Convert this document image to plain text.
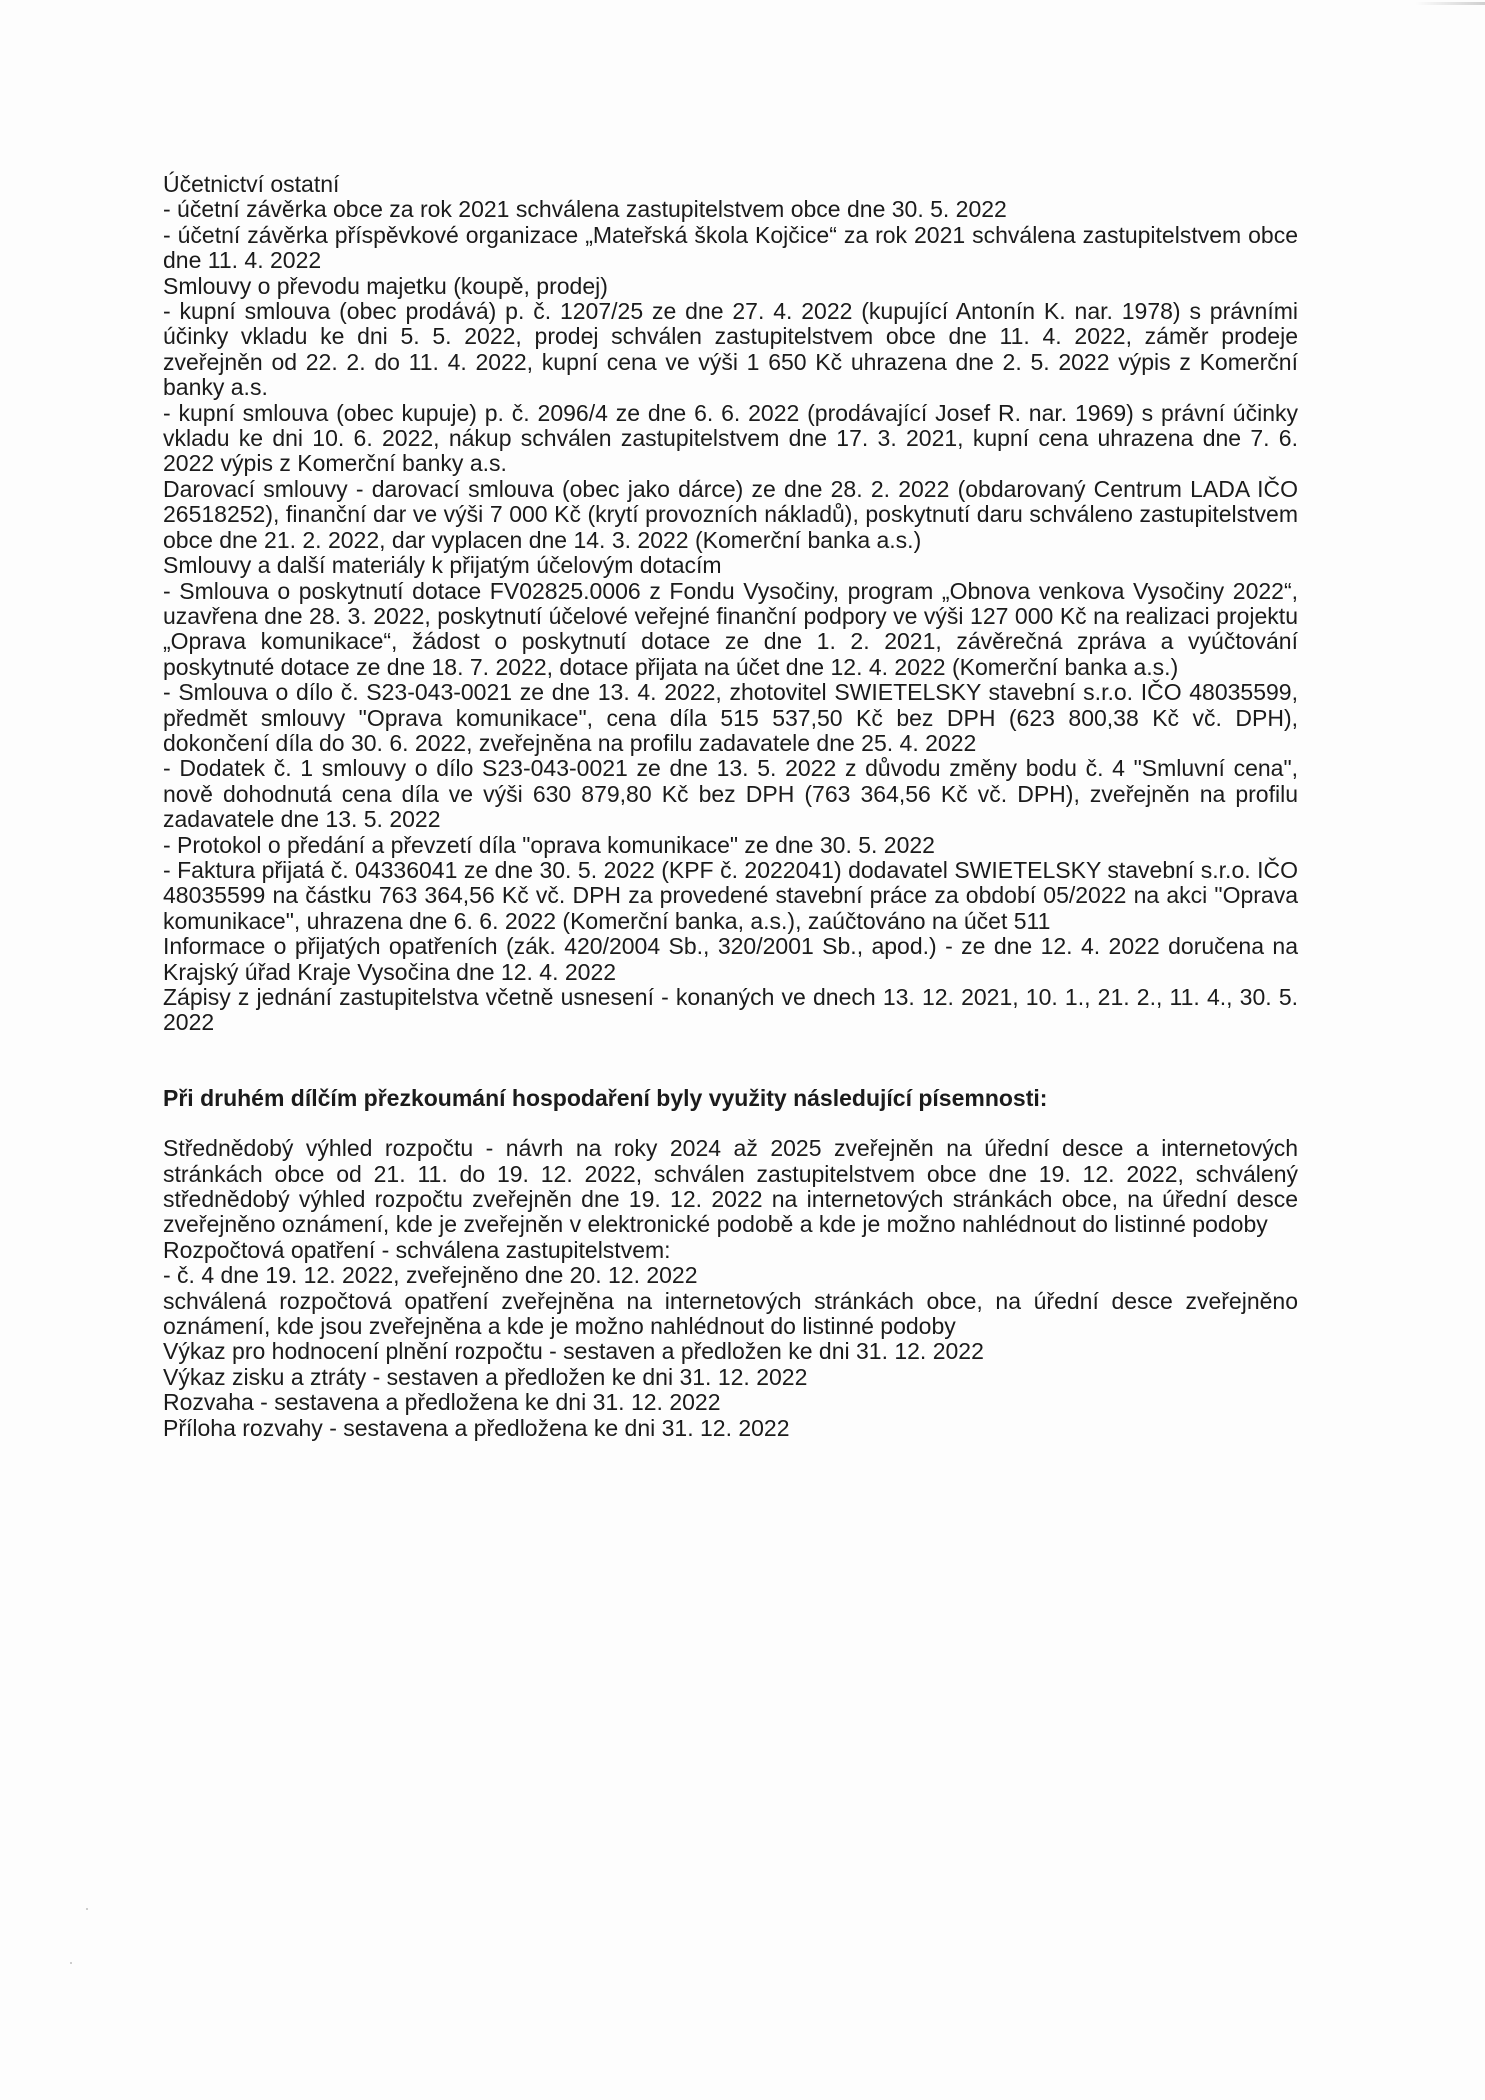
Účetnictví ostatní

- účetní závěrka obce za rok 2021 schválena zastupitelstvem obce dne 30. 5. 2022

- účetní závěrka příspěvkové organizace „Mateřská škola Kojčice“ za rok 2021 schválena zastupitelstvem obce dne 11. 4. 2022

Smlouvy o převodu majetku (koupě, prodej)

- kupní smlouva (obec prodává) p. č. 1207/25 ze dne 27. 4. 2022 (kupující Antonín K. nar. 1978) s právními účinky vkladu ke dni 5. 5. 2022, prodej schválen zastupitelstvem obce dne 11. 4. 2022, záměr prodeje zveřejněn od 22. 2. do 11. 4. 2022, kupní cena ve výši 1 650 Kč uhrazena dne 2. 5. 2022 výpis z Komerční banky a.s.

- kupní smlouva (obec kupuje) p. č. 2096/4 ze dne 6. 6. 2022 (prodávající Josef R. nar. 1969) s právní účinky vkladu ke dni 10. 6. 2022, nákup schválen zastupitelstvem dne 17. 3. 2021, kupní cena uhrazena dne 7. 6. 2022 výpis z Komerční banky a.s.

Darovací smlouvy - darovací smlouva (obec jako dárce) ze dne 28. 2. 2022 (obdarovaný Centrum LADA IČO 26518252), finanční dar ve výši 7 000 Kč (krytí provozních nákladů), poskytnutí daru schváleno zastupitelstvem obce dne 21. 2. 2022, dar vyplacen dne 14. 3. 2022 (Komerční banka a.s.)

Smlouvy a další materiály k přijatým účelovým dotacím

- Smlouva o poskytnutí dotace FV02825.0006 z Fondu Vysočiny, program „Obnova venkova Vysočiny 2022“, uzavřena dne 28. 3. 2022, poskytnutí účelové veřejné finanční podpory ve výši 127 000 Kč na realizaci projektu „Oprava komunikace“, žádost o poskytnutí dotace ze dne 1. 2. 2021, závěrečná zpráva a vyúčtování poskytnuté dotace ze dne 18. 7. 2022, dotace přijata na účet dne 12. 4. 2022 (Komerční banka a.s.)

- Smlouva o dílo č. S23-043-0021 ze dne 13. 4. 2022, zhotovitel SWIETELSKY stavební s.r.o. IČO 48035599, předmět smlouvy "Oprava komunikace", cena díla 515 537,50 Kč bez DPH (623 800,38 Kč vč. DPH), dokončení díla do 30. 6. 2022, zveřejněna na profilu zadavatele dne 25. 4. 2022

- Dodatek č. 1 smlouvy o dílo S23-043-0021 ze dne 13. 5. 2022 z důvodu změny bodu č. 4 "Smluvní cena", nově dohodnutá cena díla ve výši 630 879,80 Kč bez DPH (763 364,56 Kč vč. DPH), zveřejněn na profilu zadavatele dne 13. 5. 2022

- Protokol o předání a převzetí díla "oprava komunikace" ze dne 30. 5. 2022

- Faktura přijatá č. 04336041 ze dne 30. 5. 2022 (KPF č. 2022041) dodavatel SWIETELSKY stavební s.r.o. IČO 48035599 na částku 763 364,56 Kč vč. DPH za provedené stavební práce za období 05/2022 na akci "Oprava komunikace", uhrazena dne 6. 6. 2022 (Komerční banka, a.s.), zaúčtováno na účet 511

Informace o přijatých opatřeních (zák. 420/2004 Sb., 320/2001 Sb., apod.) - ze dne 12. 4. 2022 doručena na Krajský úřad Kraje Vysočina dne 12. 4. 2022

Zápisy z jednání zastupitelstva včetně usnesení - konaných ve dnech 13. 12. 2021, 10. 1., 21. 2., 11. 4., 30. 5. 2022

Při druhém dílčím přezkoumání hospodaření byly využity následující písemnosti:

Střednědobý výhled rozpočtu - návrh na roky 2024 až 2025 zveřejněn na úřední desce a internetových stránkách obce od 21. 11. do 19. 12. 2022, schválen zastupitelstvem obce dne 19. 12. 2022, schválený střednědobý výhled rozpočtu zveřejněn dne 19. 12. 2022 na internetových stránkách obce, na úřední desce zveřejněno oznámení, kde je zveřejněn v elektronické podobě a kde je možno nahlédnout do listinné podoby

Rozpočtová opatření - schválena zastupitelstvem:

- č. 4 dne 19. 12. 2022, zveřejněno dne 20. 12. 2022

schválená rozpočtová opatření zveřejněna na internetových stránkách obce, na úřední desce zveřejněno oznámení, kde jsou zveřejněna a kde je možno nahlédnout do listinné podoby

Výkaz pro hodnocení plnění rozpočtu - sestaven a předložen ke dni 31. 12. 2022

Výkaz zisku a ztráty - sestaven a předložen ke dni 31. 12. 2022

Rozvaha - sestavena a předložena ke dni 31. 12. 2022

Příloha rozvahy - sestavena a předložena ke dni 31. 12. 2022
